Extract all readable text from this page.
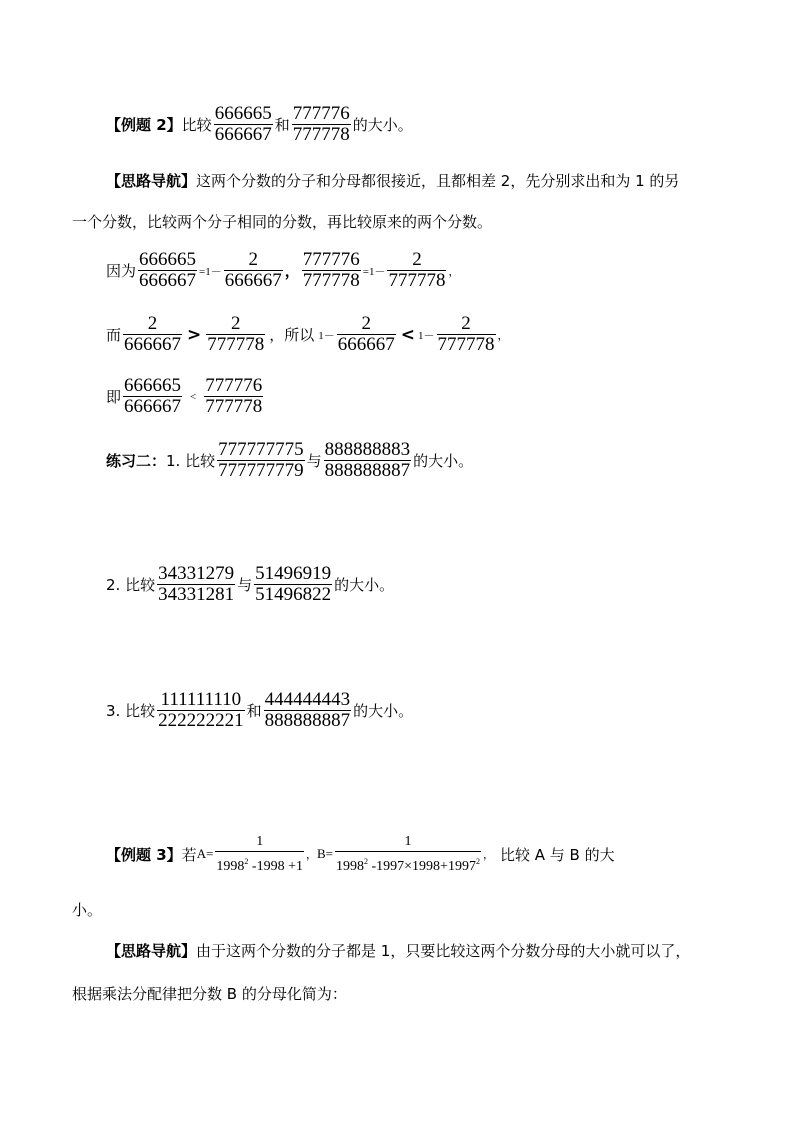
【例题 2】 比较 $\frac{666665}{666667}$ 和 $\frac{777776}{777778}$ 的大小。
【思路导航】 这两个分数的分子和分母都很接近，且都相差 2，先分别求出和为 1 的另
一个分数，比较两个分子相同的分数，再比较原来的两个分数。
因为 $\frac{666665}{666667} =1- \frac{2}{666667}$ ， $\frac{777776}{777778} =1- \frac{2}{777778}$ ，
而 $\frac{2}{666667} > \frac{2}{777778}$ ，所以 $1- \frac{2}{666667} < 1- \frac{2}{777778}$ ，
即 $\frac{666665}{666667} < \frac{777776}{777778}$
练习二： 1. 比较 $\frac{777777775}{777777779}$ 与 $\frac{888888883}{888888887}$ 的大小。
2. 比较 $\frac{34331279}{34331281}$ 与 $\frac{51496919}{51496822}$ 的大小。
3. 比较 $\frac{111111110}{222222221}$ 和 $\frac{444444443}{888888887}$ 的大小。
【例题 3】 若 $A= \frac{1}{1998^2 -1998 +1}$ ， $B= \frac{1}{1998^2 -1997\times 1998+1997^2}$ ， 比较 A 与 B 的大
小。
【思路导航】 由于这两个分数的分子都是 1，只要比较这两个分数分母的大小就可以了，
根据乘法分配律把分数 B 的分母化简为：
